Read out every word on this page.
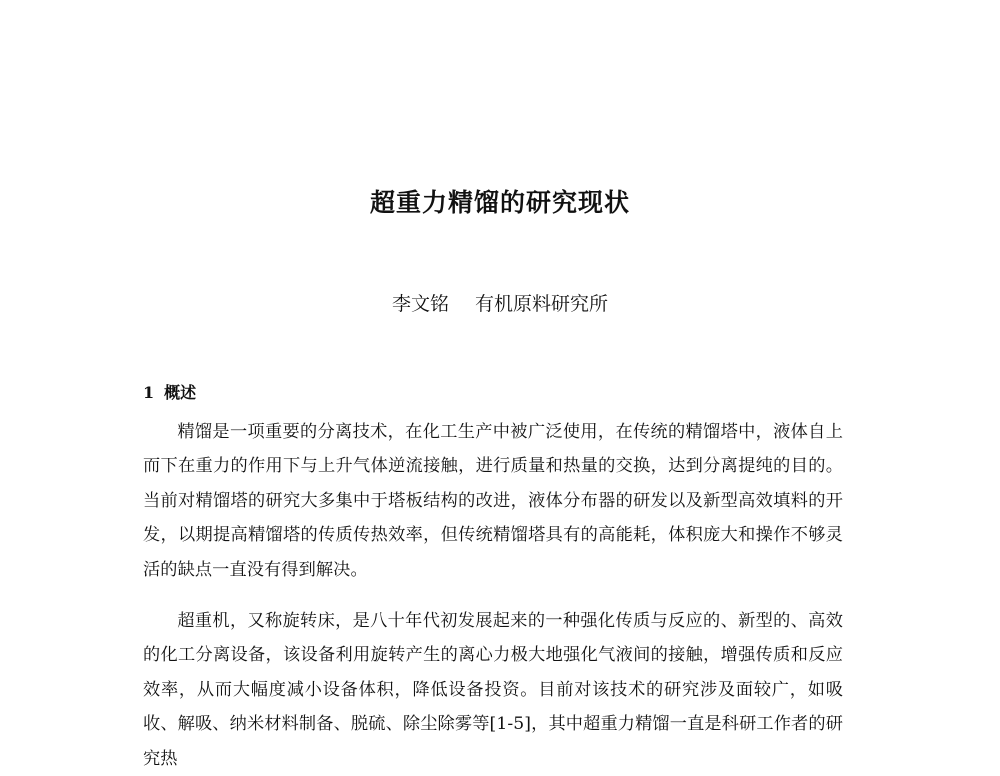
超重力精馏的研究现状
李文铭 有机原料研究所
1 概述

精馏是一项重要的分离技术，在化工生产中被广泛使用，在传统的精馏塔中，液体自上而下在重力的作用下与上升气体逆流接触，进行质量和热量的交换，达到分离提纯的目的。当前对精馏塔的研究大多集中于塔板结构的改进，液体分布器的研发以及新型高效填料的开发，以期提高精馏塔的传质传热效率，但传统精馏塔具有的高能耗，体积庞大和操作不够灵活的缺点一直没有得到解决。

超重机，又称旋转床，是八十年代初发展起来的一种强化传质与反应的、新型的、高效的化工分离设备，该设备利用旋转产生的离心力极大地强化气液间的接触，增强传质和反应效率，从而大幅度减小设备体积，降低设备投资。目前对该技术的研究涉及面较广，如吸收、解吸、纳米材料制备、脱硫、除尘除雾等[1-5]，其中超重力精馏一直是科研工作者的研究热
